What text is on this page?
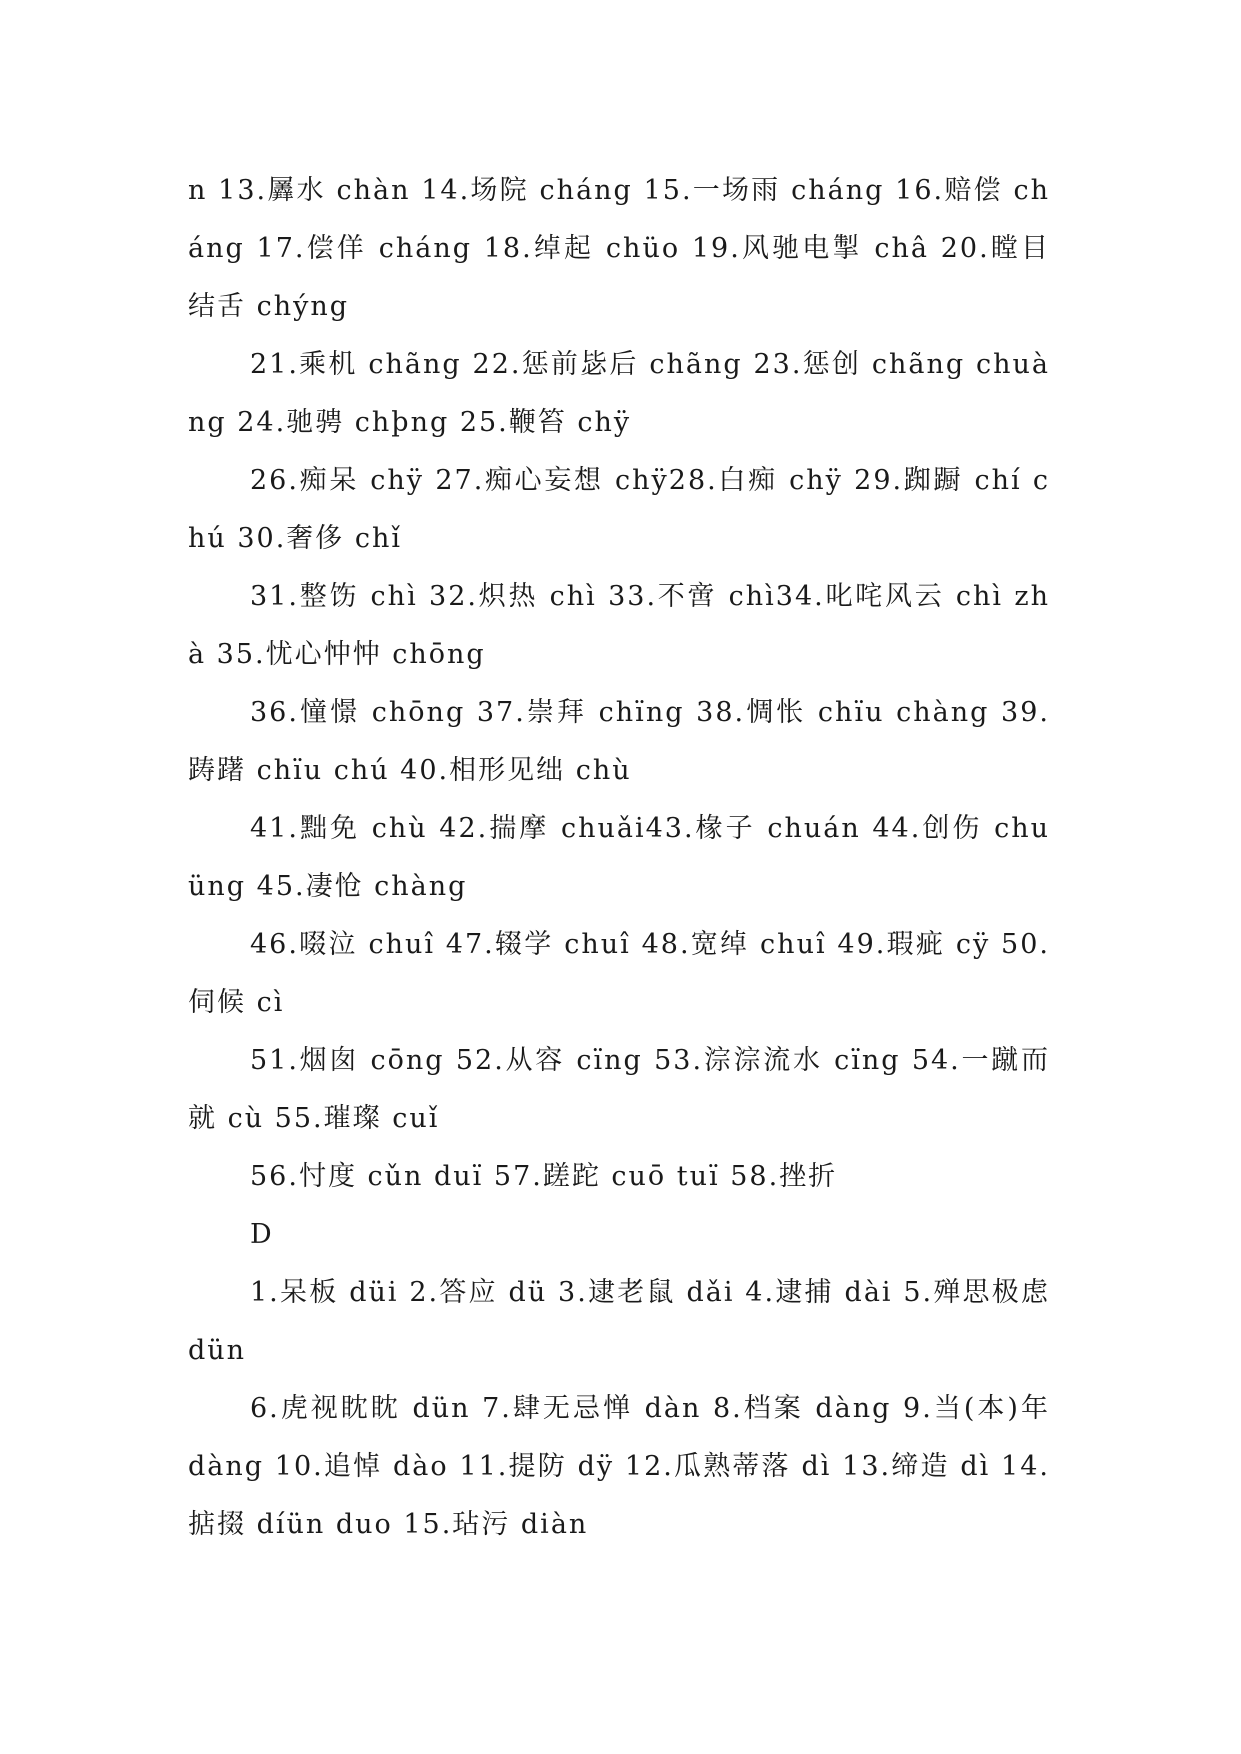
n 13.羼水 chàn 14.场院 cháng 15.一场雨 cháng 16.赔偿 cháng 17.偿佯 cháng 18.绰起 chüo 19.风驰电掣 châ 20.瞠目结舌 chýng

21.乘机 chãng 22.惩前毖后 chãng 23.惩创 chãng chuàng 24.驰骋 chþng 25.鞭笞 chÿ

26.痴呆 chÿ 27.痴心妄想 chÿ28.白痴 chÿ 29.踟蹰 chí chú 30.奢侈 chǐ

31.整饬 chì 32.炽热 chì 33.不啻 chì34.叱咤风云 chì zhà 35.忧心忡忡 chōng

36.憧憬 chōng 37.崇拜 chïng 38.惆怅 chïu chàng 39.踌躇 chïu chú 40.相形见绌 chù

41.黜免 chù 42.揣摩 chuǎi43.椽子 chuán 44.创伤 chuüng 45.凄怆 chàng

46.啜泣 chuî 47.辍学 chuî 48.宽绰 chuî 49.瑕疵 cÿ 50.伺候 cì

51.烟囱 cōng 52.从容 cïng 53.淙淙流水 cïng 54.一蹴而就 cù 55.璀璨 cuǐ

56.忖度 cǔn duï 57.蹉跎 cuō tuï 58.挫折

D

1.呆板 düi 2.答应 dü 3.逮老鼠 dǎi 4.逮捕 dài 5.殚思极虑 dün

6.虎视眈眈 dün 7.肆无忌惮 dàn 8.档案 dàng 9.当(本)年 dàng 10.追悼 dào 11.提防 dÿ 12.瓜熟蒂落 dì 13.缔造 dì 14.掂掇 díün duo 15.玷污 diàn
